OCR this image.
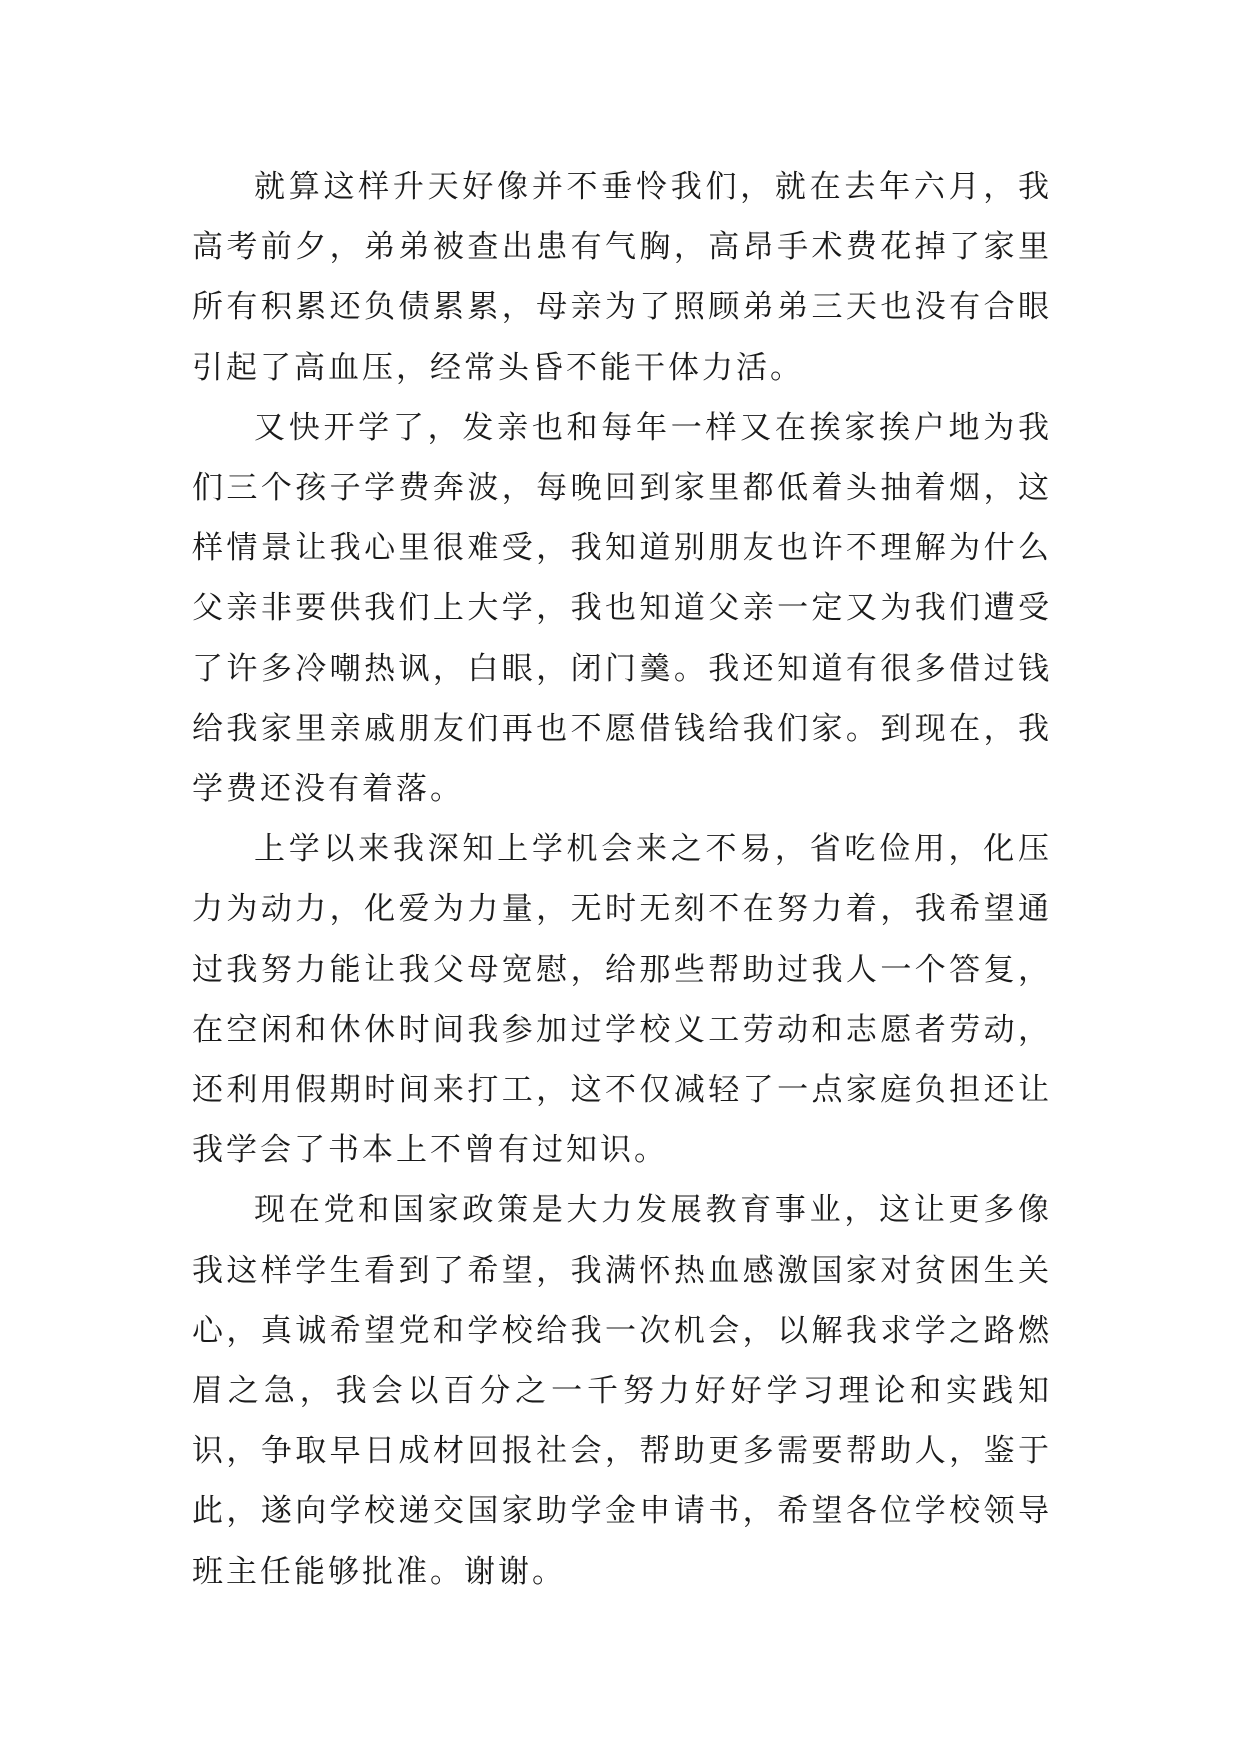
就算这样升天好像并不垂怜我们，就在去年六月，我高考前夕，弟弟被查出患有气胸，高昂手术费花掉了家里所有积累还负债累累，母亲为了照顾弟弟三天也没有合眼引起了高血压，经常头昏不能干体力活。

又快开学了，发亲也和每年一样又在挨家挨户地为我们三个孩子学费奔波，每晚回到家里都低着头抽着烟，这样情景让我心里很难受，我知道别朋友也许不理解为什么父亲非要供我们上大学，我也知道父亲一定又为我们遭受了许多冷嘲热讽，白眼，闭门羹。我还知道有很多借过钱给我家里亲戚朋友们再也不愿借钱给我们家。到现在，我学费还没有着落。

上学以来我深知上学机会来之不易，省吃俭用，化压力为动力，化爱为力量，无时无刻不在努力着，我希望通过我努力能让我父母宽慰，给那些帮助过我人一个答复，在空闲和休休时间我参加过学校义工劳动和志愿者劳动，还利用假期时间来打工，这不仅减轻了一点家庭负担还让我学会了书本上不曾有过知识。

现在党和国家政策是大力发展教育事业，这让更多像我这样学生看到了希望，我满怀热血感激国家对贫困生关心，真诚希望党和学校给我一次机会，以解我求学之路燃眉之急，我会以百分之一千努力好好学习理论和实践知识，争取早日成材回报社会，帮助更多需要帮助人，鉴于此，遂向学校递交国家助学金申请书，希望各位学校领导班主任能够批准。谢谢。
